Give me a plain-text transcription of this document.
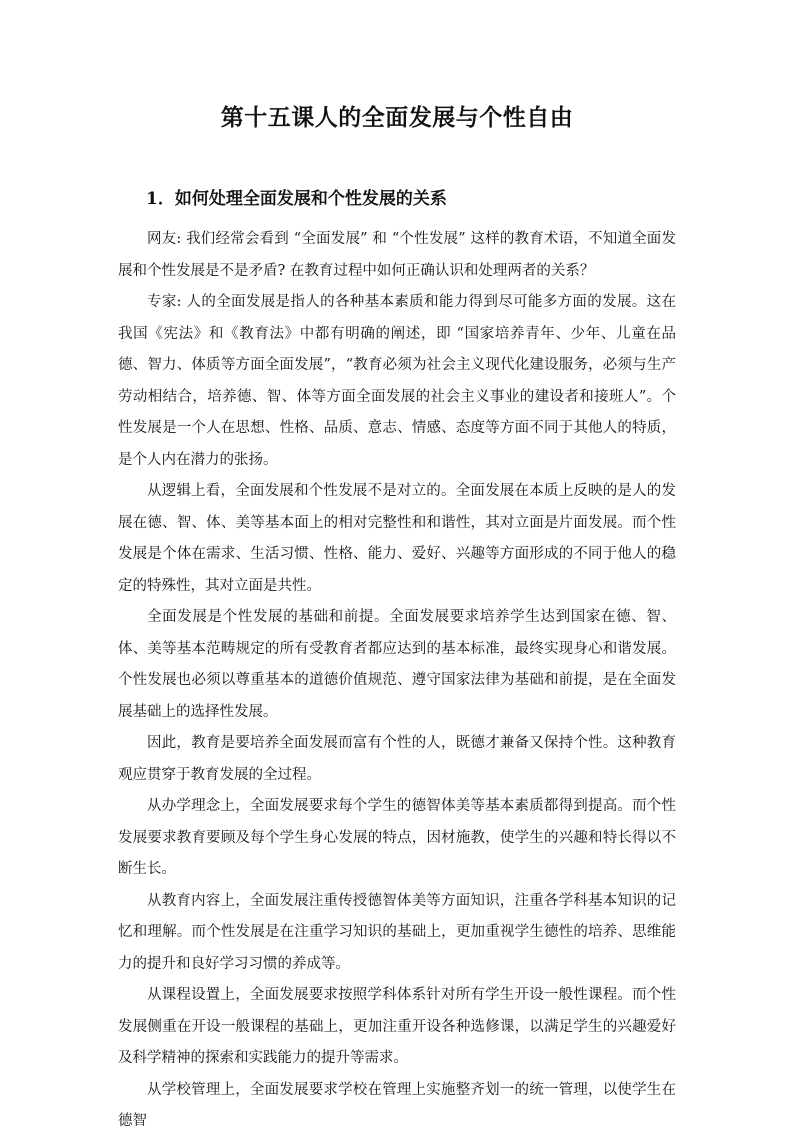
第十五课人的全面发展与个性自由
1．如何处理全面发展和个性发展的关系

网友: 我们经常会看到 “全面发展” 和 “个性发展” 这样的教育术语，不知道全面发展和个性发展是不是矛盾? 在教育过程中如何正确认识和处理两者的关系？

专家: 人的全面发展是指人的各种基本素质和能力得到尽可能多方面的发展。这在我国《宪法》和《教育法》中都有明确的阐述，即 “国家培养青年、少年、儿童在品德、智力、体质等方面全面发展”，“教育必须为社会主义现代化建设服务，必须与生产劳动相结合，培养德、智、体等方面全面发展的社会主义事业的建设者和接班人”。个性发展是一个人在思想、性格、品质、意志、情感、态度等方面不同于其他人的特质，是个人内在潜力的张扬。

从逻辑上看，全面发展和个性发展不是对立的。全面发展在本质上反映的是人的发展在德、智、体、美等基本面上的相对完整性和和谐性，其对立面是片面发展。而个性发展是个体在需求、生活习惯、性格、能力、爱好、兴趣等方面形成的不同于他人的稳定的特殊性，其对立面是共性。

全面发展是个性发展的基础和前提。全面发展要求培养学生达到国家在德、智、体、美等基本范畴规定的所有受教育者都应达到的基本标准，最终实现身心和谐发展。个性发展也必须以尊重基本的道德价值规范、遵守国家法律为基础和前提，是在全面发展基础上的选择性发展。

因此，教育是要培养全面发展而富有个性的人，既德才兼备又保持个性。这种教育观应贯穿于教育发展的全过程。

从办学理念上，全面发展要求每个学生的德智体美等基本素质都得到提高。而个性发展要求教育要顾及每个学生身心发展的特点，因材施教，使学生的兴趣和特长得以不断生长。

从教育内容上，全面发展注重传授德智体美等方面知识，注重各学科基本知识的记忆和理解。而个性发展是在注重学习知识的基础上，更加重视学生德性的培养、思维能力的提升和良好学习习惯的养成等。

从课程设置上，全面发展要求按照学科体系针对所有学生开设一般性课程。而个性发展侧重在开设一般课程的基础上，更加注重开设各种选修课，以满足学生的兴趣爱好及科学精神的探索和实践能力的提升等需求。

从学校管理上，全面发展要求学校在管理上实施整齐划一的统一管理，以使学生在德智
